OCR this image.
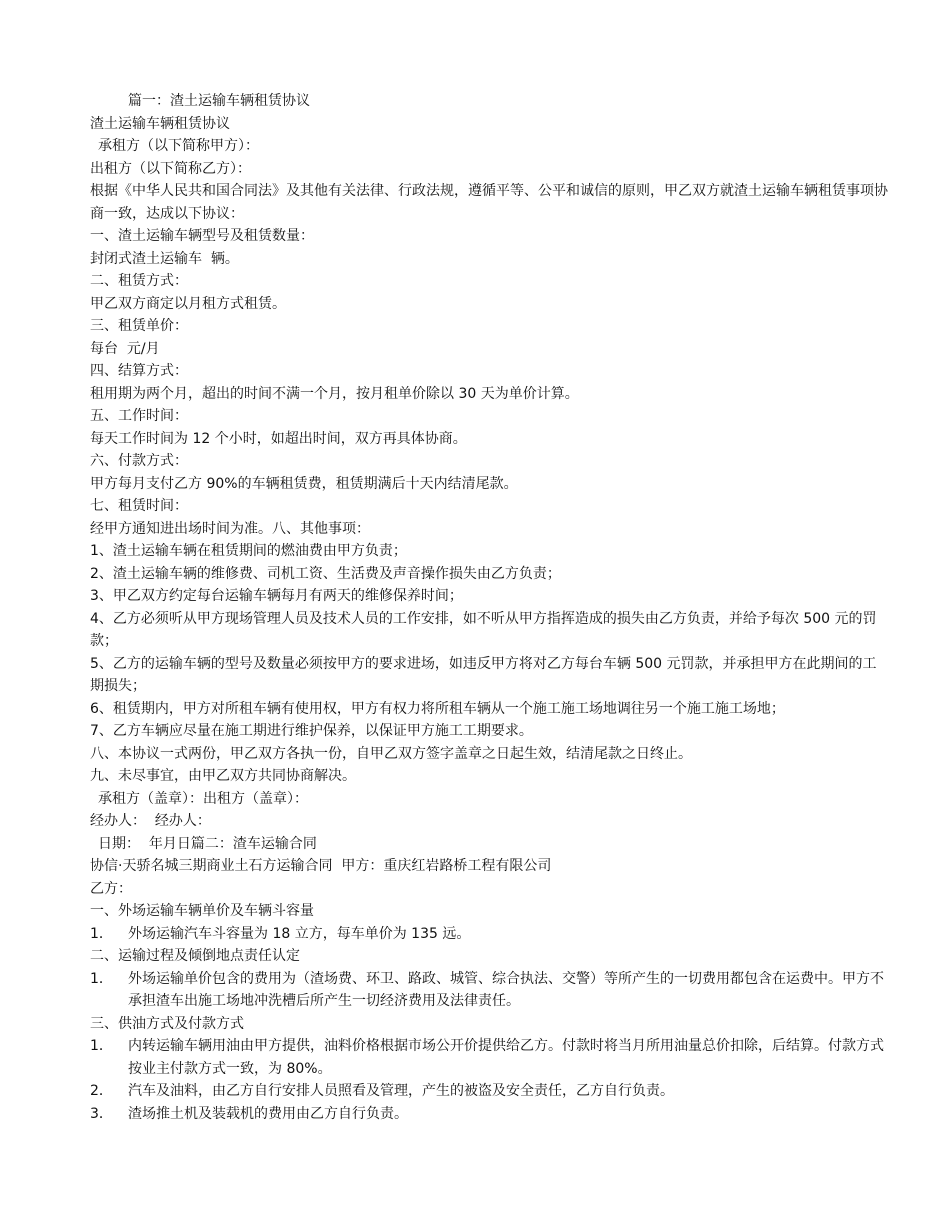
篇一：渣土运输车辆租赁协议

渣土运输车辆租赁协议

承租方（以下简称甲方）：

出租方（以下简称乙方）：

根据《中华人民共和国合同法》及其他有关法律、行政法规，遵循平等、公平和诚信的原则，甲乙双方就渣土运输车辆租赁事项协商一致，达成以下协议：

一、渣土运输车辆型号及租赁数量：

封闭式渣土运输车  辆。

二、租赁方式：

甲乙双方商定以月租方式租赁。

三、租赁单价：

每台  元/月

四、结算方式：

租用期为两个月，超出的时间不满一个月，按月租单价除以 30 天为单价计算。

五、工作时间：

每天工作时间为 12 个小时，如超出时间，双方再具体协商。

六、付款方式：

甲方每月支付乙方 90%的车辆租赁费，租赁期满后十天内结清尾款。

七、租赁时间：

经甲方通知进出场时间为准。八、其他事项：

1、渣土运输车辆在租赁期间的燃油费由甲方负责；

2、渣土运输车辆的维修费、司机工资、生活费及声音操作损失由乙方负责；

3、甲乙双方约定每台运输车辆每月有两天的维修保养时间；

4、乙方必须听从甲方现场管理人员及技术人员的工作安排，如不听从甲方指挥造成的损失由乙方负责，并给予每次 500 元的罚款；

5、乙方的运输车辆的型号及数量必须按甲方的要求进场，如违反甲方将对乙方每台车辆 500 元罚款，并承担甲方在此期间的工期损失；

6、租赁期内，甲方对所租车辆有使用权，甲方有权力将所租车辆从一个施工施工场地调往另一个施工施工场地；

7、乙方车辆应尽量在施工期进行维护保养，以保证甲方施工工期要求。

八、本协议一式两份，甲乙双方各执一份，自甲乙双方签字盖章之日起生效，结清尾款之日终止。

九、未尽事宜，由甲乙双方共同协商解决。

承租方（盖章）：出租方（盖章）：

经办人：  经办人：

日期：  年月日篇二：渣车运输合同

协信·天骄名城三期商业土石方运输合同  甲方：重庆红岩路桥工程有限公司

乙方：

一、外场运输车辆单价及车辆斗容量

1．	外场运输汽车斗容量为 18 立方，每车单价为 135 远。

二、运输过程及倾倒地点责任认定

1．	外场运输单价包含的费用为（渣场费、环卫、路政、城管、综合执法、交警）等所产生的一切费用都包含在运费中。甲方不承担渣车出施工场地冲洗槽后所产生一切经济费用及法律责任。

三、供油方式及付款方式

1．	内转运输车辆用油由甲方提供，油料价格根据市场公开价提供给乙方。付款时将当月所用油量总价扣除，后结算。付款方式按业主付款方式一致，为 80%。
2．	汽车及油料，由乙方自行安排人员照看及管理，产生的被盗及安全责任，乙方自行负责。
3．	渣场推土机及装载机的费用由乙方自行负责。
